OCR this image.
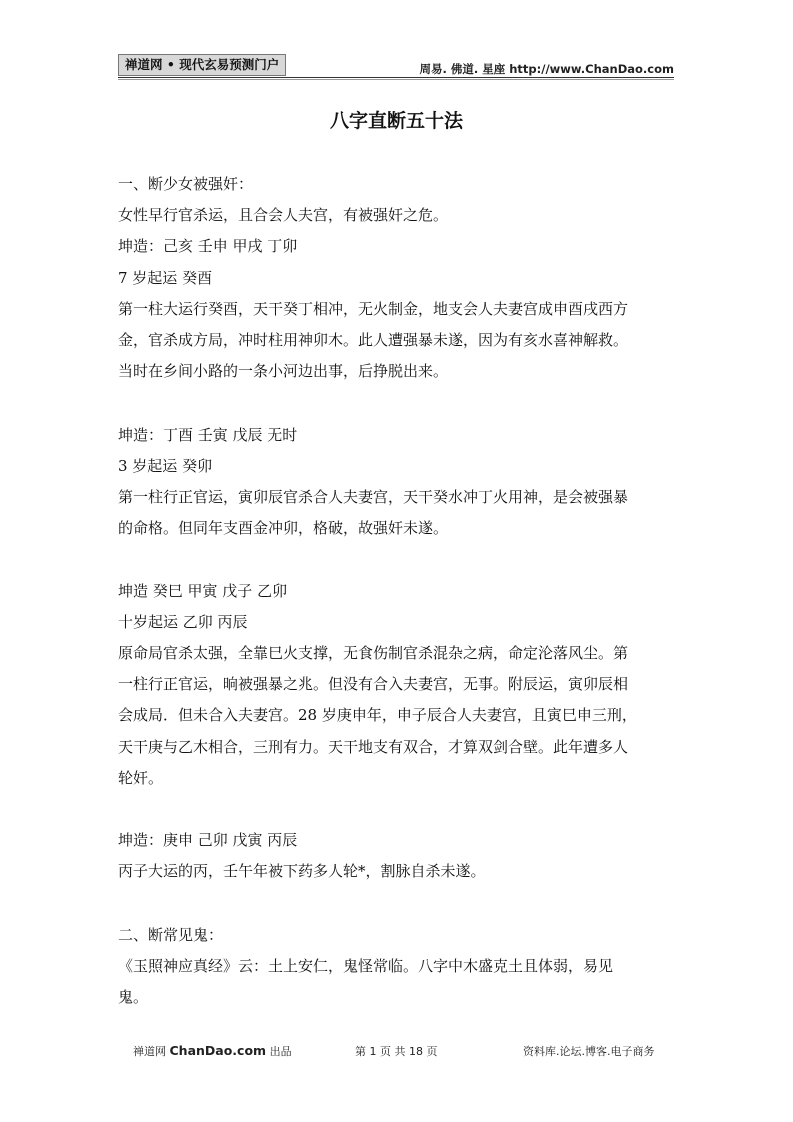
禅道网 • 现代玄易预测门户	周易. 佛道. 星座 http://www.ChanDao.com
八字直断五十法
一、断少女被强奸：
女性早行官杀运，且合会人夫宫，有被强奸之危。
坤造：己亥 壬申 甲戌 丁卯
7 岁起运 癸酉
第一柱大运行癸酉，天干癸丁相冲，无火制金，地支会人夫妻宫成申酉戌西方
金，官杀成方局，冲时柱用神卯木。此人遭强暴未遂，因为有亥水喜神解救。
当时在乡间小路的一条小河边出事，后挣脱出来。
坤造：丁酉 壬寅 戊辰 无时
3 岁起运 癸卯
第一柱行正官运，寅卯辰官杀合人夫妻宫，天干癸水冲丁火用神，是会被强暴
的命格。但同年支酉金冲卯，格破，故强奸未遂。
坤造 癸巳 甲寅 戊子 乙卯
十岁起运 乙卯 丙辰
原命局官杀太强，全靠巳火支撑，无食伤制官杀混杂之病，命定沦落风尘。第
一柱行正官运，晌被强暴之兆。但没有合入夫妻宫，无事。附辰运，寅卯辰相
会成局．但未合入夫妻宫。28 岁庚申年，申子辰合人夫妻宫，且寅巳申三刑，
天干庚与乙木相合，三刑有力。天干地支有双合，才算双剑合壁。此年遭多人
轮奸。
坤造：庚申 己卯 戊寅 丙辰
丙子大运的丙，壬午年被下药多人轮*，割脉自杀未遂。
二、断常见鬼：
《玉照神应真经》云：土上安仁，鬼怪常临。八字中木盛克土且体弱，易见
鬼。
禅道网 ChanDao.com 出品	第 1 页 共 18 页	资料库.论坛.博客.电子商务
